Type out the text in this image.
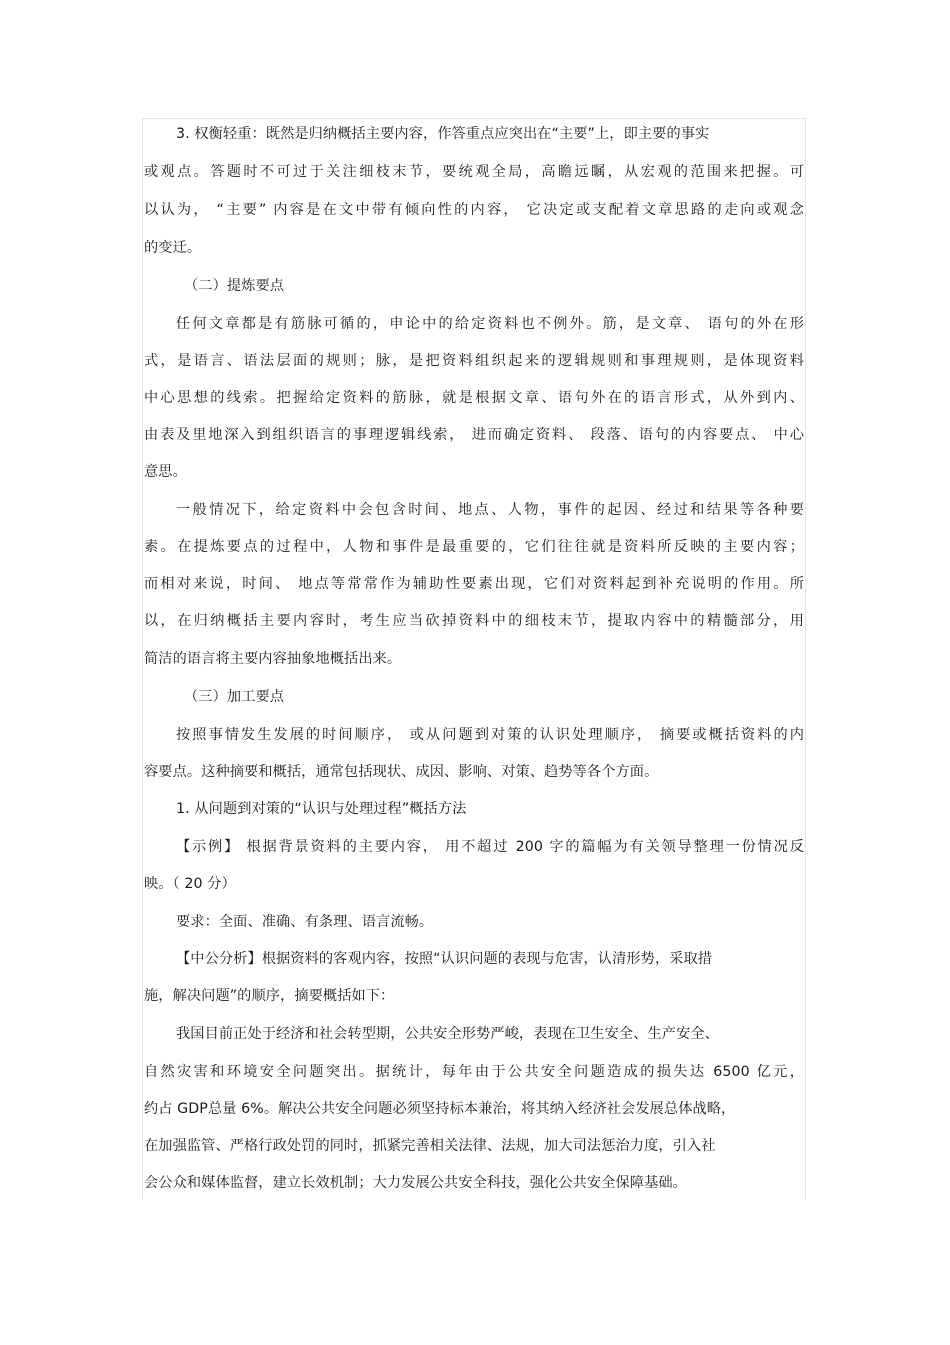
3. 权衡轻重：既然是归纳概括主要内容，作答重点应突出在“主要”上，即主要的事实
或观点。答题时不可过于关注细枝末节，要统观全局，高瞻远瞩，从宏观的范围来把握。可
以认为， “主要” 内容是在文中带有倾向性的内容， 它决定或支配着文章思路的走向或观念
的变迁。
（二）提炼要点
任何文章都是有筋脉可循的，申论中的给定资料也不例外。筋，是文章、 语句的外在形
式，是语言、语法层面的规则；脉，是把资料组织起来的逻辑规则和事理规则，是体现资料
中心思想的线索。把握给定资料的筋脉，就是根据文章、语句外在的语言形式，从外到内、
由表及里地深入到组织语言的事理逻辑线索， 进而确定资料、 段落、语句的内容要点、 中心
意思。
一般情况下，给定资料中会包含时间、地点、人物，事件的起因、经过和结果等各种要
素。在提炼要点的过程中，人物和事件是最重要的，它们往往就是资料所反映的主要内容；
而相对来说，时间、 地点等常常作为辅助性要素出现，它们对资料起到补充说明的作用。所
以，在归纳概括主要内容时，考生应当砍掉资料中的细枝末节，提取内容中的精髓部分，用
简洁的语言将主要内容抽象地概括出来。
（三）加工要点
按照事情发生发展的时间顺序， 或从问题到对策的认识处理顺序， 摘要或概括资料的内
容要点。这种摘要和概括，通常包括现状、成因、影响、对策、趋势等各个方面。
1. 从问题到对策的“认识与处理过程”概括方法
【示例】 根据背景资料的主要内容， 用不超过 200 字的篇幅为有关领导整理一份情况反
映。（ 20 分）
要求：全面、准确、有条理、语言流畅。
【中公分析】根据资料的客观内容，按照“认识问题的表现与危害，认清形势，采取措
施，解决问题”的顺序，摘要概括如下：
我国目前正处于经济和社会转型期，公共安全形势严峻，表现在卫生安全、生产安全、
自然灾害和环境安全问题突出。据统计，每年由于公共安全问题造成的损失达 6500 亿元，
约占 GDP总量 6%。解决公共安全问题必须坚持标本兼治，将其纳入经济社会发展总体战略，
在加强监管、严格行政处罚的同时，抓紧完善相关法律、法规，加大司法惩治力度，引入社
会公众和媒体监督，建立长效机制；大力发展公共安全科技，强化公共安全保障基础。
